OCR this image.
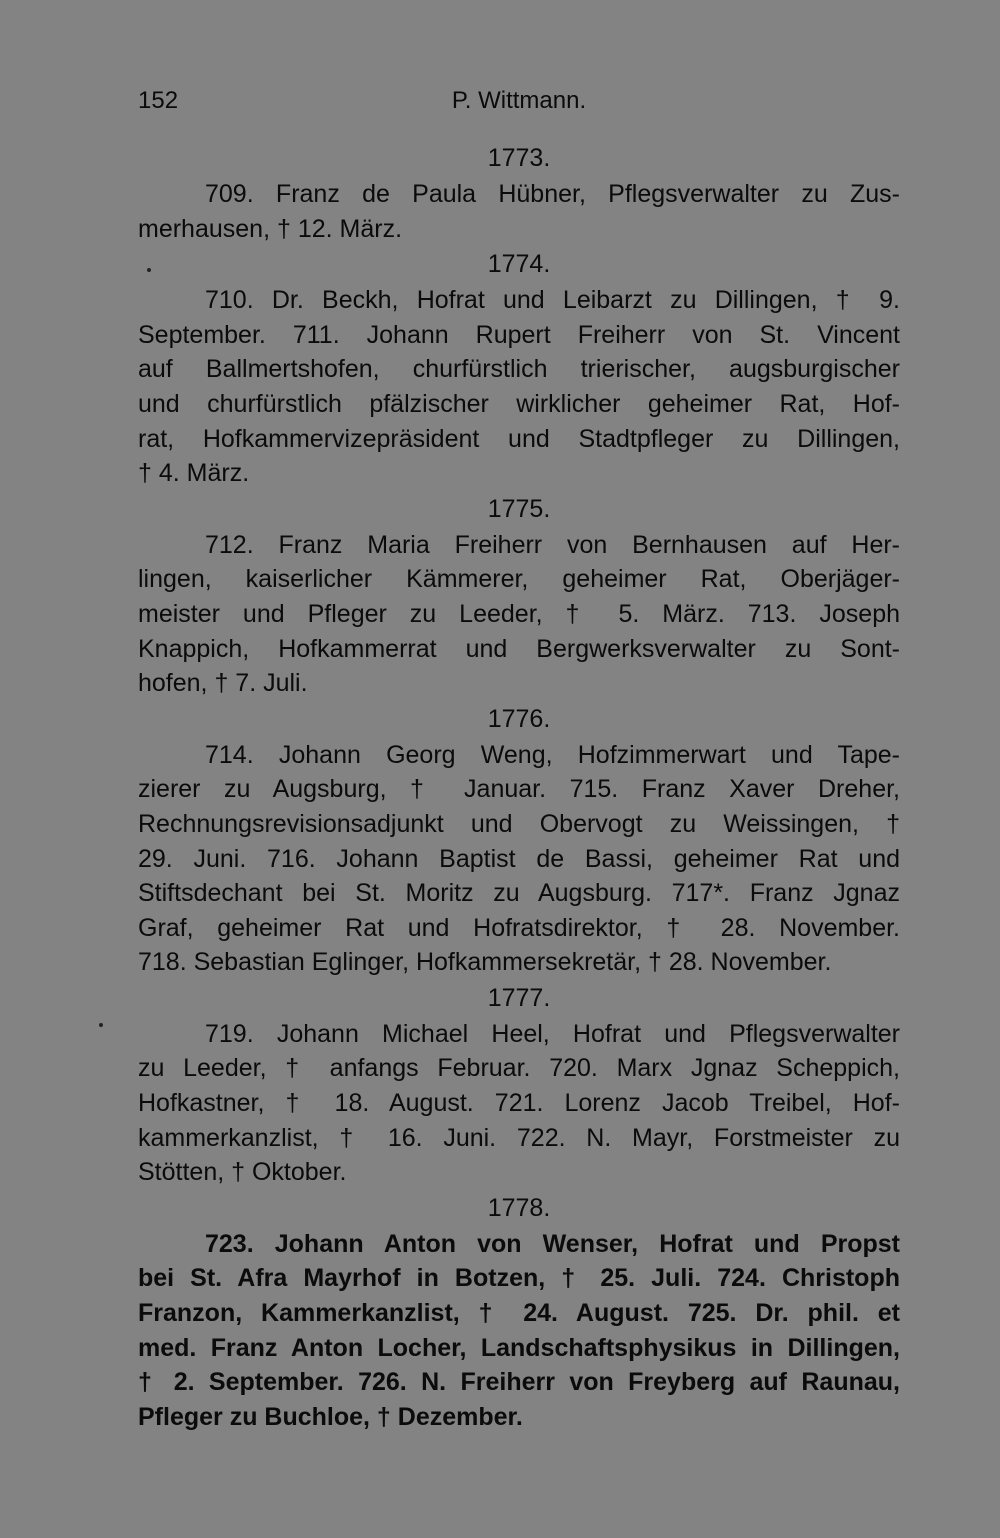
152	P. Wittmann.
1773.
709. Franz de Paula Hübner, Pflegsverwalter zu Zus-
merhausen, † 12. März.
1774.
710. Dr. Beckh, Hofrat und Leibarzt zu Dillingen, † 9.
September. 711. Johann Rupert Freiherr von St. Vincent
auf Ballmertshofen, churfürstlich trierischer, augsburgischer
und churfürstlich pfälzischer wirklicher geheimer Rat, Hof-
rat, Hofkammervizepräsident und Stadtpfleger zu Dillingen,
† 4. März.
1775.
712. Franz Maria Freiherr von Bernhausen auf Her-
lingen, kaiserlicher Kämmerer, geheimer Rat, Oberjäger-
meister und Pfleger zu Leeder, † 5. März. 713. Joseph
Knappich, Hofkammerrat und Bergwerksverwalter zu Sont-
hofen, † 7. Juli.
1776.
714. Johann Georg Weng, Hofzimmerwart und Tape-
zierer zu Augsburg, † Januar. 715. Franz Xaver Dreher,
Rechnungsrevisionsadjunkt und Obervogt zu Weissingen, †
29. Juni. 716. Johann Baptist de Bassi, geheimer Rat und
Stiftsdechant bei St. Moritz zu Augsburg. 717*. Franz Jgnaz
Graf, geheimer Rat und Hofratsdirektor, † 28. November.
718. Sebastian Eglinger, Hofkammersekretär, † 28. November.
1777.
719. Johann Michael Heel, Hofrat und Pflegsverwalter
zu Leeder, † anfangs Februar. 720. Marx Jgnaz Scheppich,
Hofkastner, † 18. August. 721. Lorenz Jacob Treibel, Hof-
kammerkanzlist, † 16. Juni. 722. N. Mayr, Forstmeister zu
Stötten, † Oktober.
1778.
723. Johann Anton von Wenser, Hofrat und Propst
bei St. Afra Mayrhof in Botzen, † 25. Juli. 724. Christoph
Franzon, Kammerkanzlist, † 24. August. 725. Dr. phil. et
med. Franz Anton Locher, Landschaftsphysikus in Dillingen,
† 2. September. 726. N. Freiherr von Freyberg auf Raunau,
Pfleger zu Buchloe, † Dezember.
